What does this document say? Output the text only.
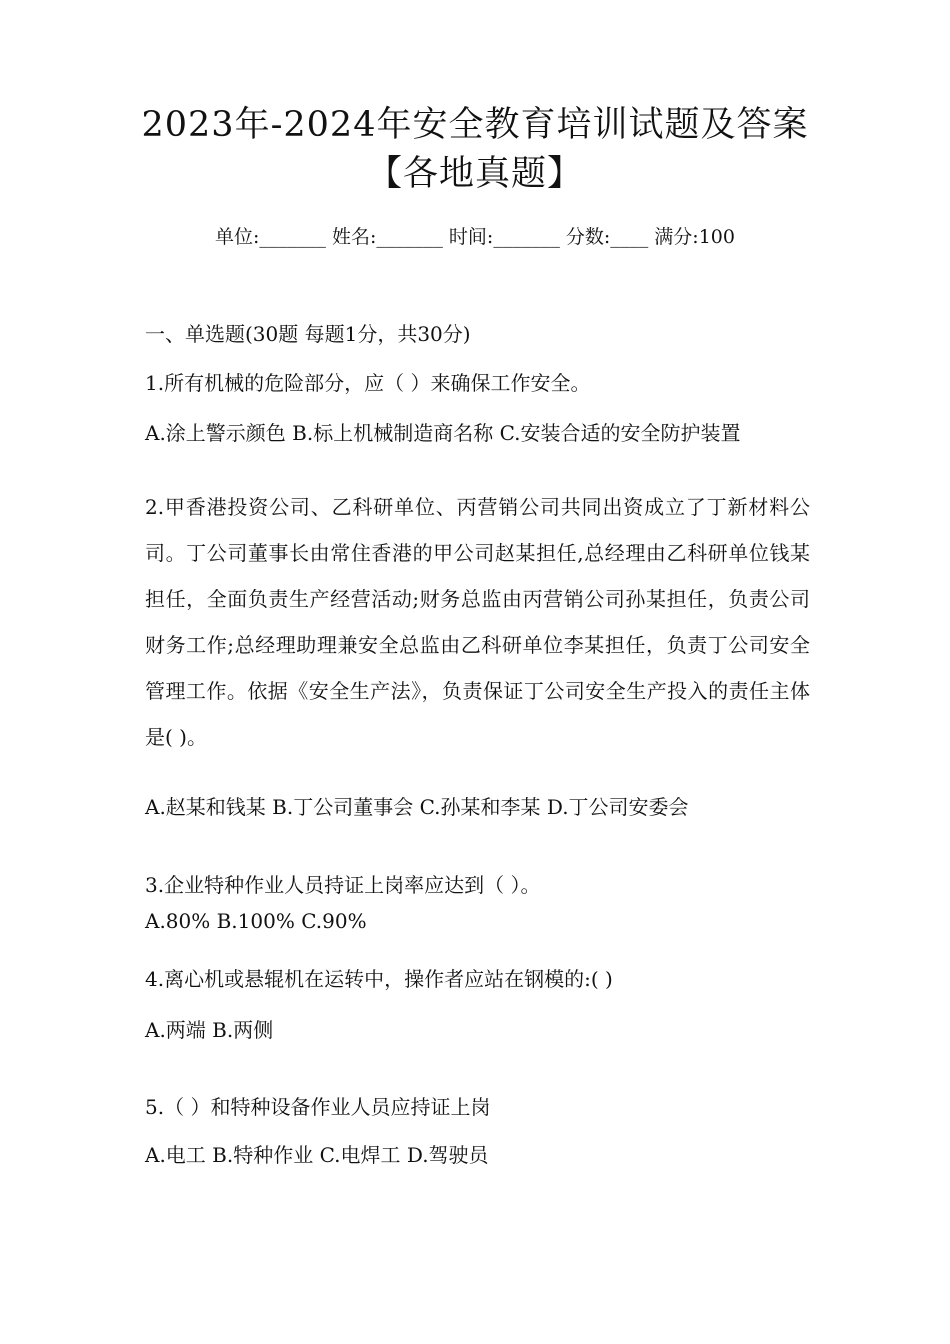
2023年-2024年安全教育培训试题及答案
【各地真题】
单位:_______ 姓名:_______ 时间:_______ 分数:____ 满分:100
一、单选题(30题 每题1分，共30分)
1.所有机械的危险部分，应（ ）来确保工作安全。
A.涂上警示颜色 B.标上机械制造商名称 C.安装合适的安全防护装置
2.甲香港投资公司、乙科研单位、丙营销公司共同出资成立了丁新材料公司。丁公司董事长由常住香港的甲公司赵某担任,总经理由乙科研单位钱某担任，全面负责生产经营活动;财务总监由丙营销公司孙某担任，负责公司财务工作;总经理助理兼安全总监由乙科研单位李某担任，负责丁公司安全管理工作。依据《安全生产法》，负责保证丁公司安全生产投入的责任主体是( )。
A.赵某和钱某 B.丁公司董事会 C.孙某和李某 D.丁公司安委会
3.企业特种作业人员持证上岗率应达到（ ）。
A.80% B.100% C.90%
4.离心机或悬辊机在运转中，操作者应站在钢模的:( )
A.两端 B.两侧
5.（ ）和特种设备作业人员应持证上岗
A.电工 B.特种作业 C.电焊工 D.驾驶员
